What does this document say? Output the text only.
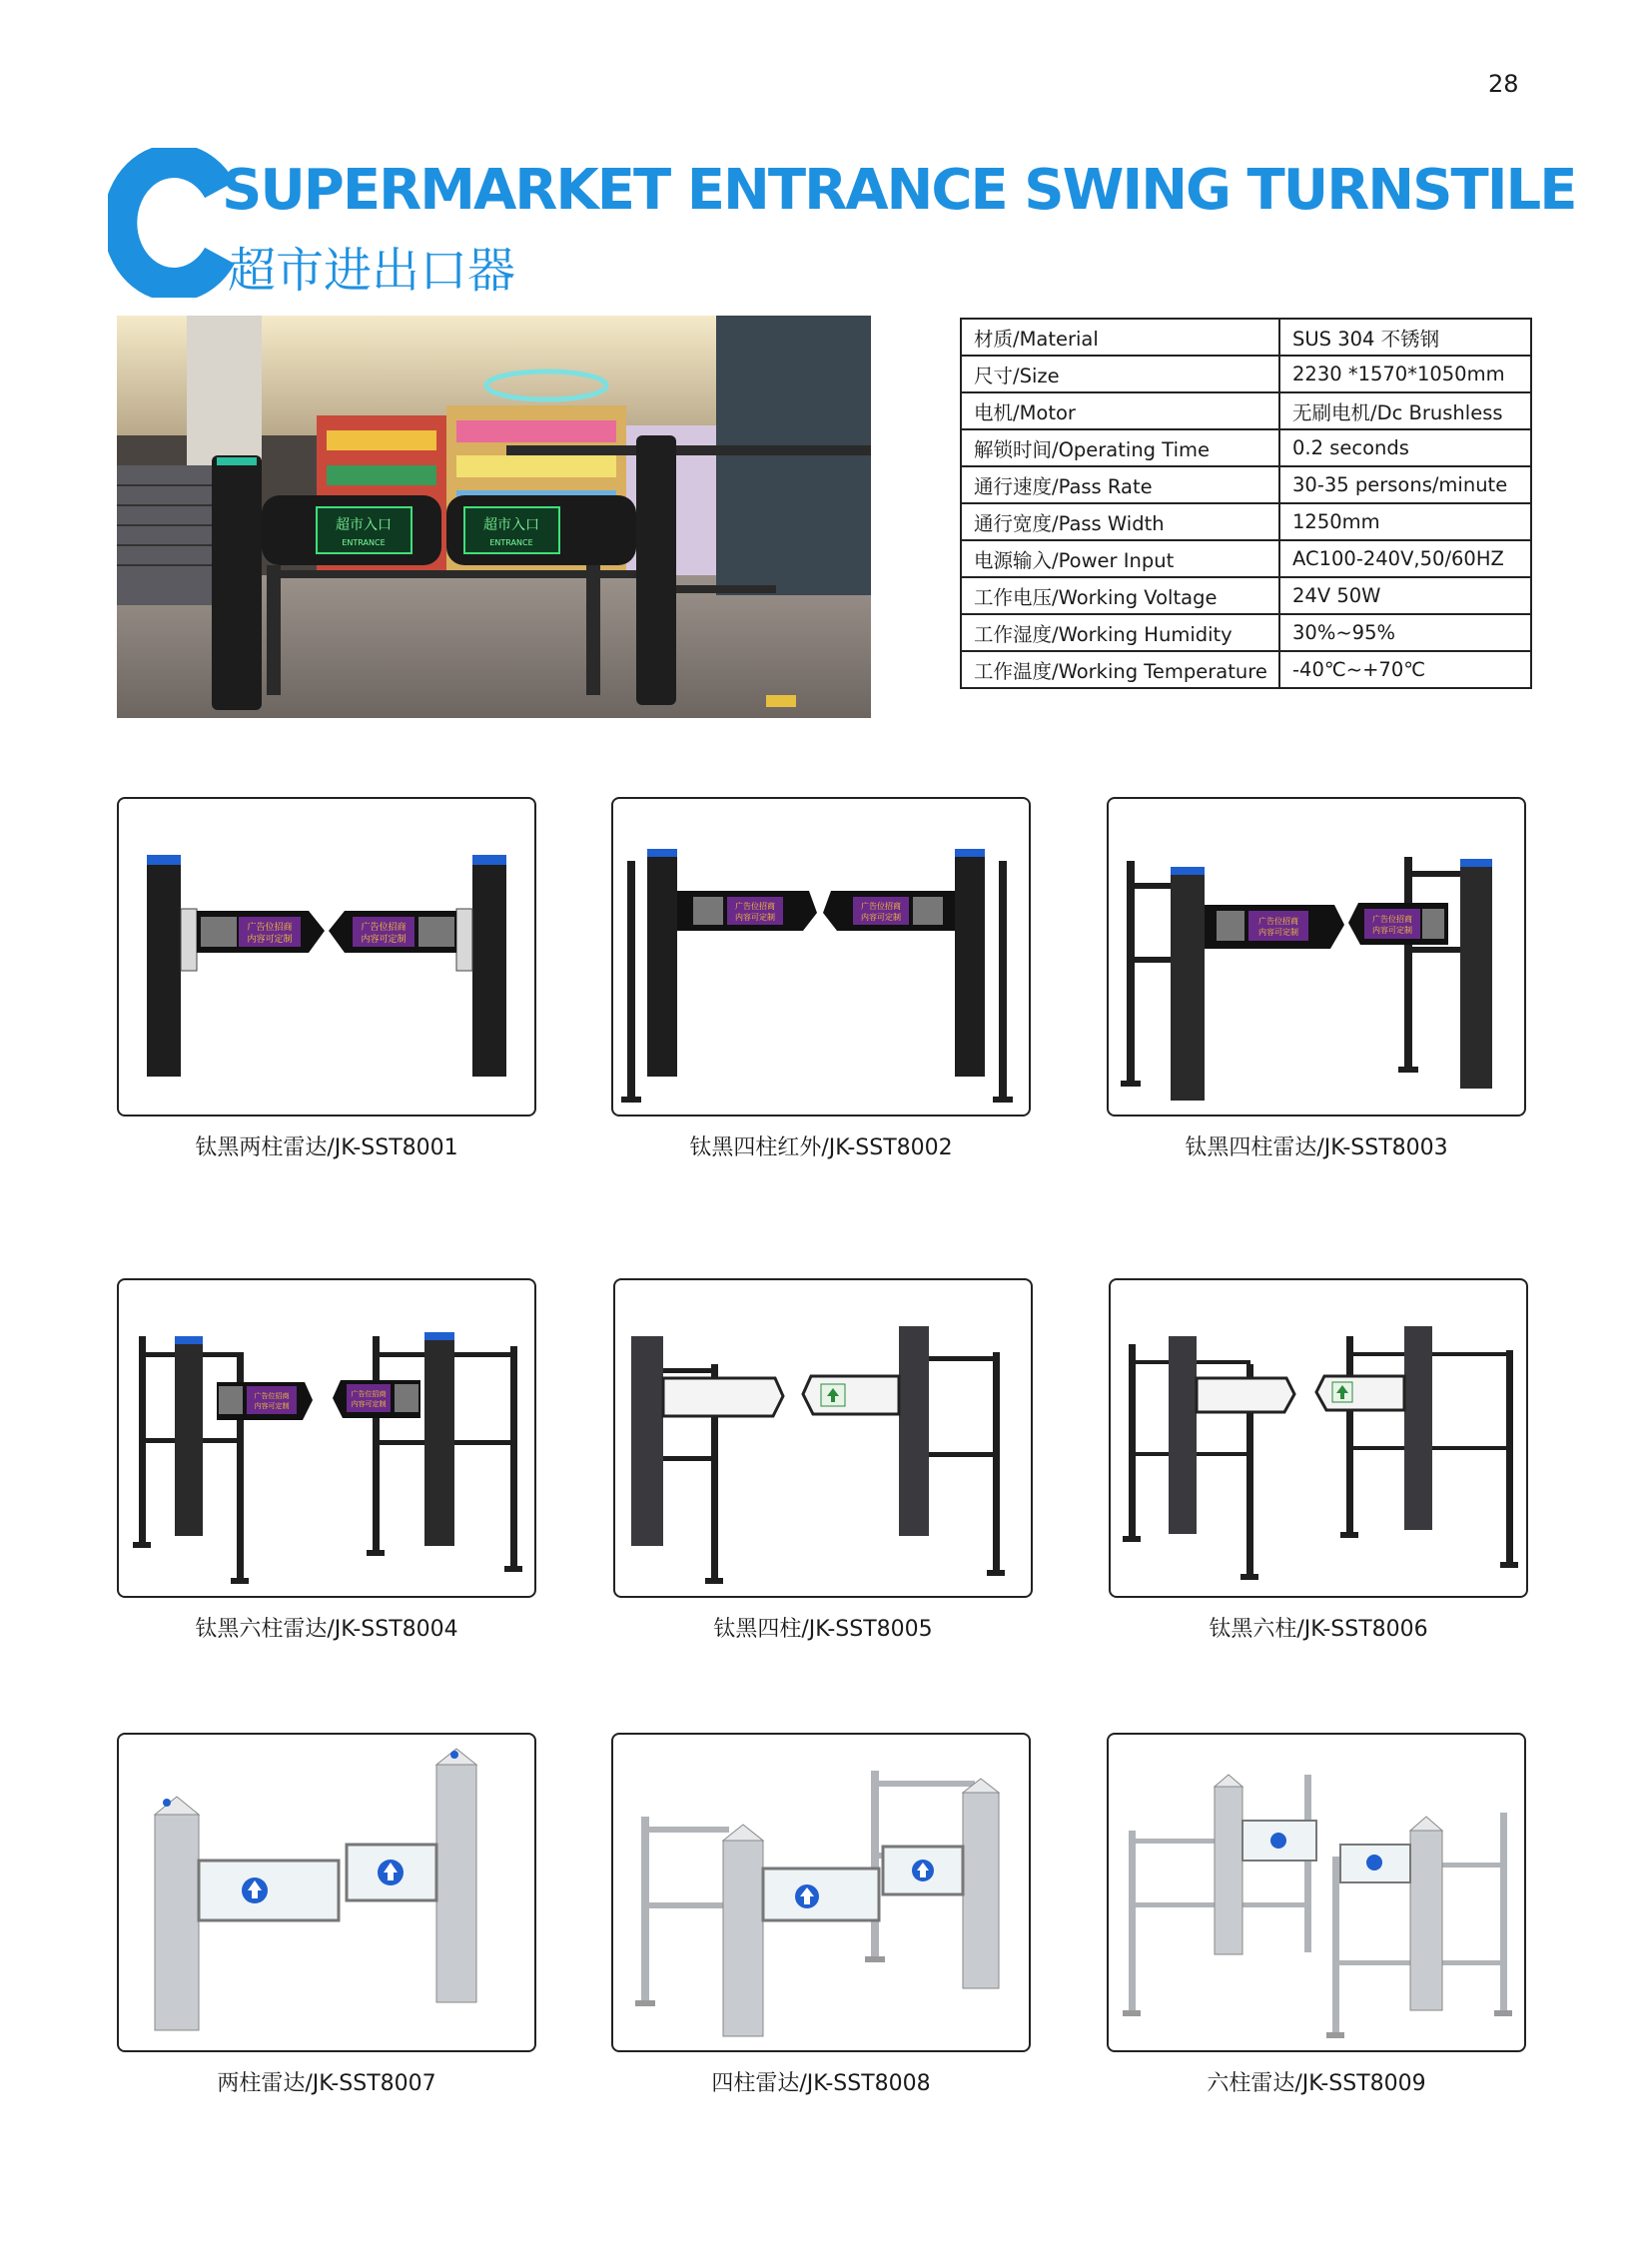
28
SUPERMARKET ENTRANCE SWING TURNSTILE
超市进出口器
超市入口
ENTRANCE
超市入口
ENTRANCE
材质/Material	SUS 304 不锈钢
尺寸/Size	2230 *1570*1050mm
电机/Motor	无刷电机/Dc Brushless
解锁时间/Operating Time	0.2 seconds
通行速度/Pass Rate	30-35 persons/minute
通行宽度/Pass Width	1250mm
电源输入/Power Input	AC100-240V,50/60HZ
工作电压/Working Voltage	24V 50W
工作湿度/Working Humidity	30%~95%
工作温度/Working Temperature	-40℃~+70℃
广告位招商
内容可定制
广告位招商
内容可定制
钛黑两柱雷达/JK-SST8001
广告位招商
内容可定制
广告位招商
内容可定制
钛黑四柱红外/JK-SST8002
广告位招商
内容可定制
广告位招商
内容可定制
钛黑四柱雷达/JK-SST8003
广告位招商
内容可定制
广告位招商
内容可定制
钛黑六柱雷达/JK-SST8004	钛黑四柱/JK-SST8005	钛黑六柱/JK-SST8006
两柱雷达/JK-SST8007	四柱雷达/JK-SST8008	六柱雷达/JK-SST8009
